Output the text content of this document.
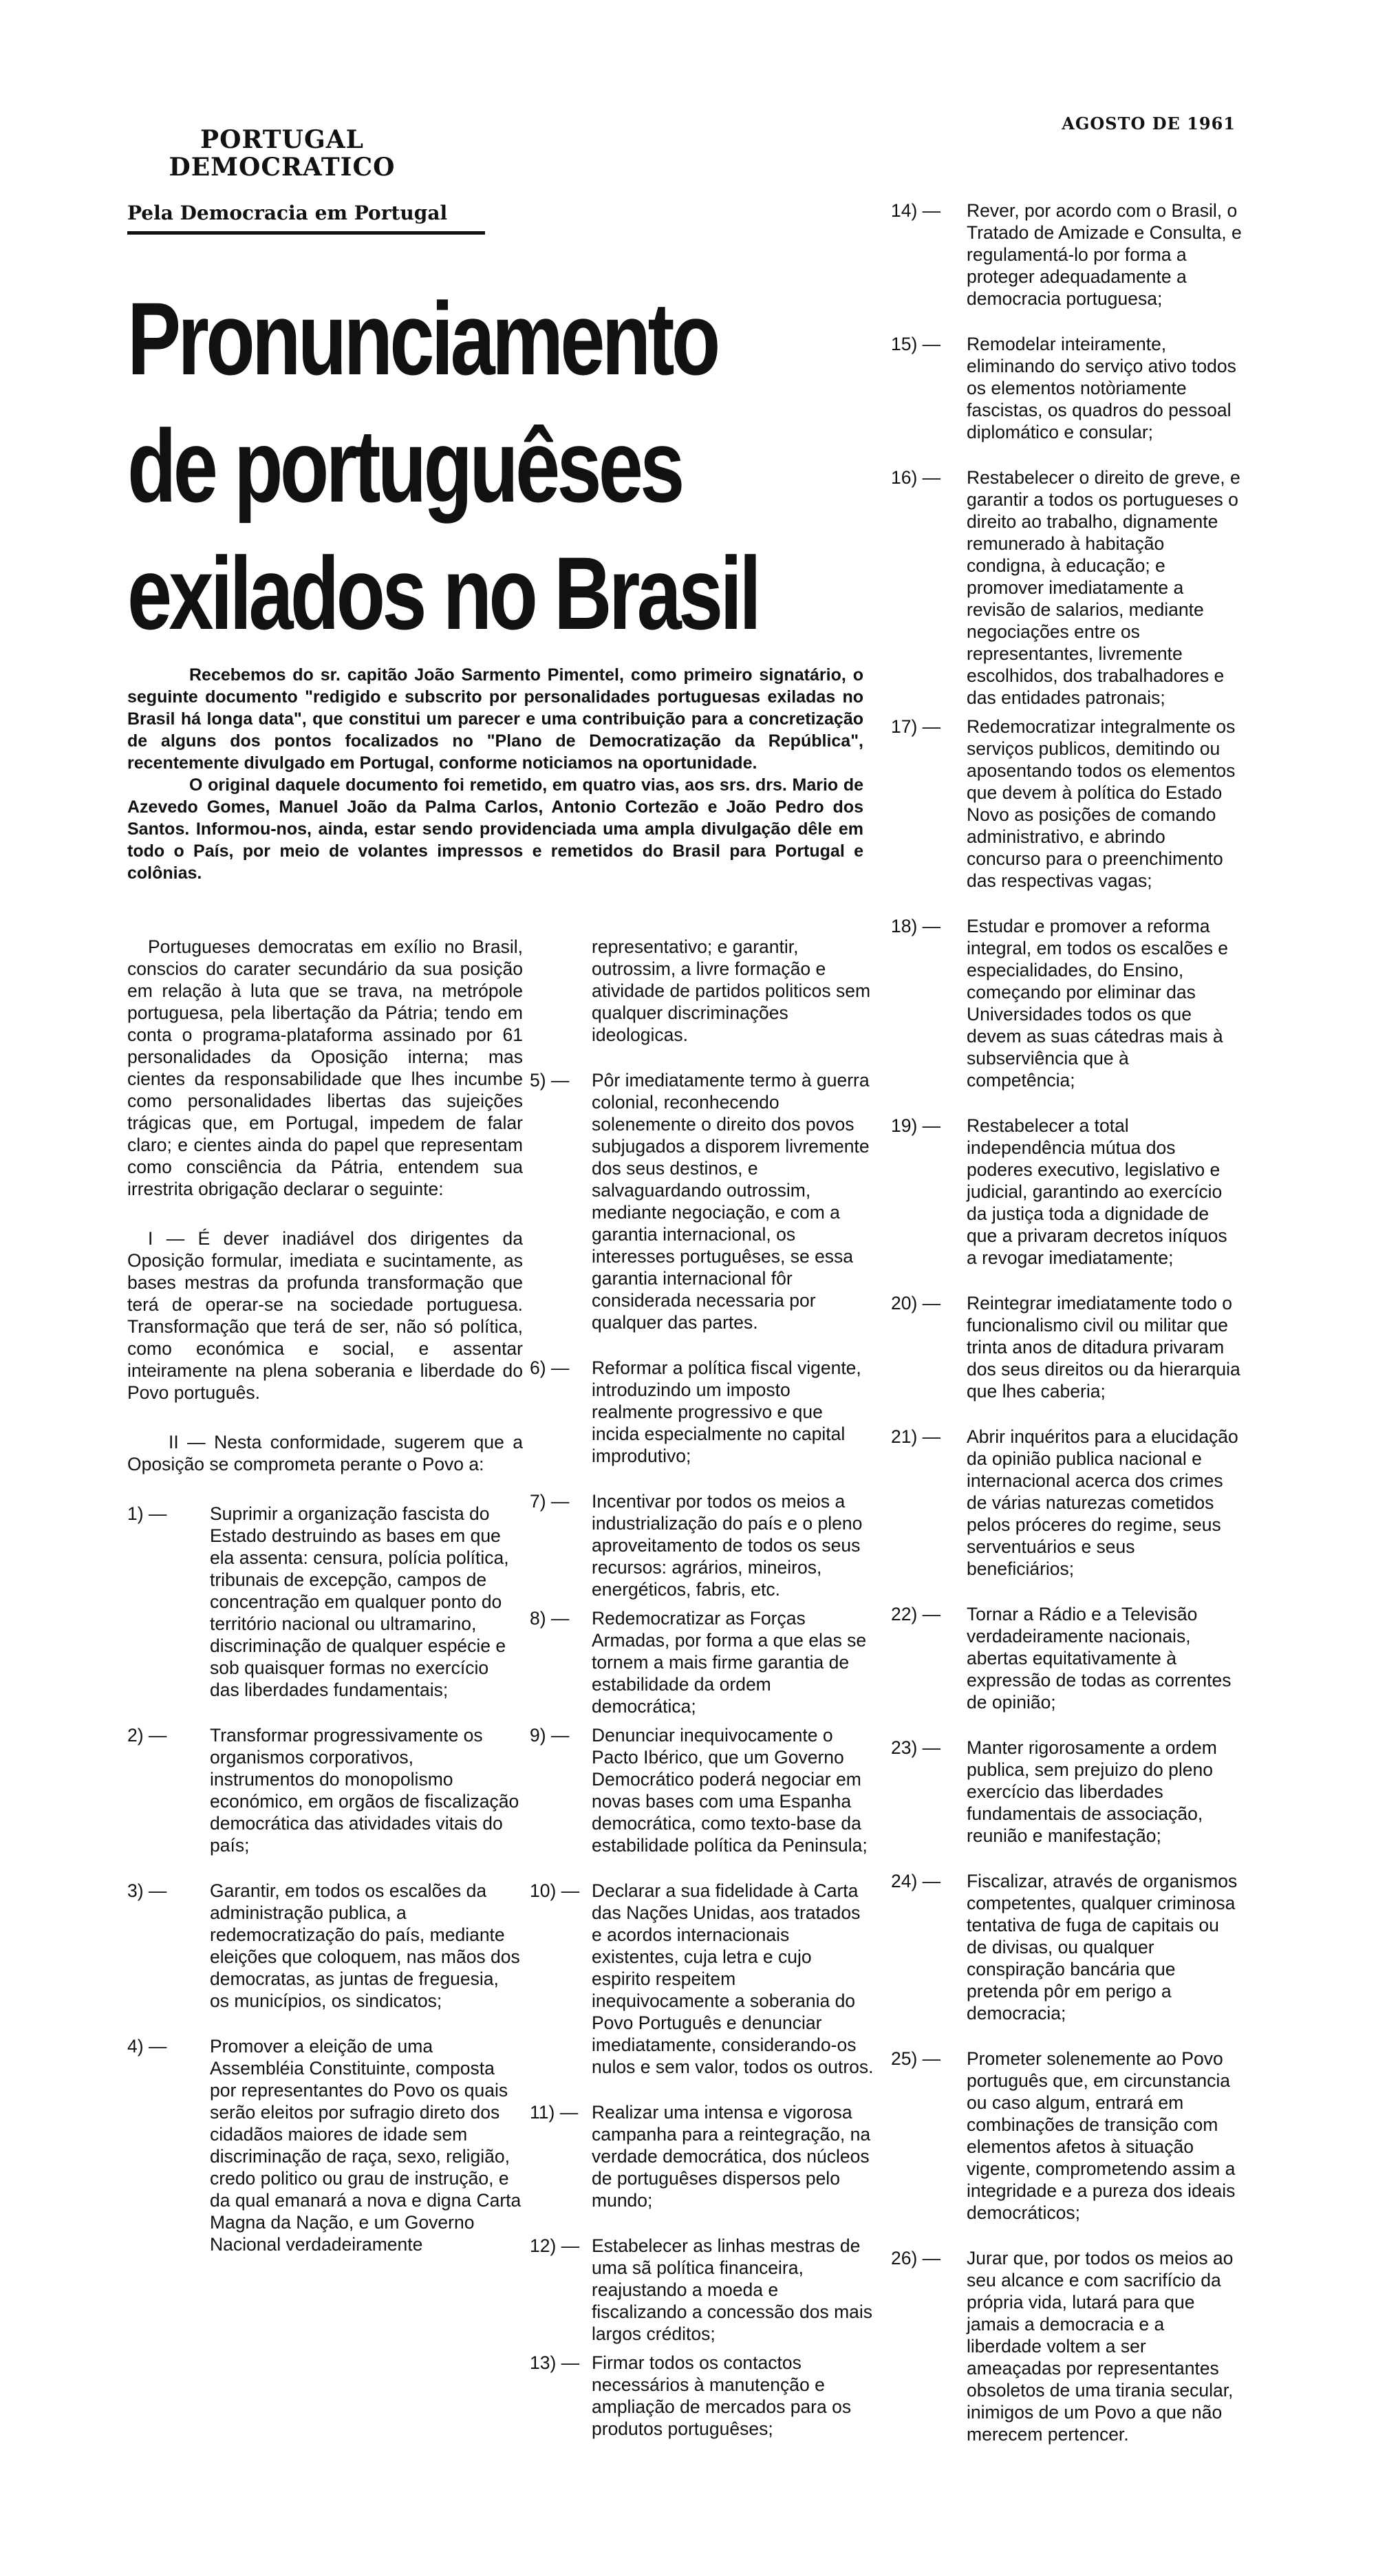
PORTUGAL DEMOCRATICO
AGOSTO DE 1961
Pela Democracia em Portugal
Pronunciamento
de portuguêses
exilados no Brasil

Recebemos do sr. capitão João Sarmento Pimentel, como primeiro signatário, o seguinte documento "redigido e subscrito por personalidades portuguesas exiladas no Brasil há longa data", que constitui um parecer e uma contribuição para a concretização de alguns dos pontos focalizados no "Plano de Democratização da República", recentemente divulgado em Portugal, conforme noticiamos na oportunidade.

O original daquele documento foi remetido, em quatro vias, aos srs. drs. Mario de Azevedo Gomes, Manuel João da Palma Carlos, Antonio Cortezão e João Pedro dos Santos. Informou-nos, ainda, estar sendo providenciada uma ampla divulgação dêle em todo o País, por meio de volantes impressos e remetidos do Brasil para Portugal e colônias.

Portugueses democratas em exílio no Brasil, conscios do carater secundário da sua posição em relação à luta que se trava, na metrópole portuguesa, pela libertação da Pátria; tendo em conta o programa-plataforma assinado por 61 personalidades da Oposição interna; mas cientes da responsabilidade que lhes incumbe como personalidades libertas das sujeições trágicas que, em Portugal, impedem de falar claro; e cientes ainda do papel que representam como consciência da Pátria, entendem sua irrestrita obrigação declarar o seguinte:

I — É dever inadiável dos dirigentes da Oposição formular, imediata e sucintamente, as bases mestras da profunda transformação que terá de operar-se na sociedade portuguesa. Transformação que terá de ser, não só política, como económica e social, e assentar inteiramente na plena soberania e liberdade do Povo português.

II — Nesta conformidade, sugerem que a Oposição se comprometa perante o Povo a:

1) —	Suprimir a organização fascista do Estado destruindo as bases em que ela assenta: censura, polícia política, tribunais de excepção, campos de concentração em qualquer ponto do território nacional ou ultramarino, discriminação de qualquer espécie e sob quaisquer formas no exercício das liberdades fundamentais;
2) —	Transformar progressivamente os organismos corporativos, instrumentos do monopolismo económico, em orgãos de fiscalização democrática das atividades vitais do país;
3) —	Garantir, em todos os escalões da administração publica, a redemocratização do país, mediante eleições que coloquem, nas mãos dos democratas, as juntas de freguesia, os municípios, os sindicatos;
4) —	Promover a eleição de uma Assembléia Constituinte, composta por representantes do Povo os quais serão eleitos por sufragio direto dos cidadãos maiores de idade sem discriminação de raça, sexo, religião, credo politico ou grau de instrução, e da qual emanará a nova e digna Carta Magna da Nação, e um Governo Nacional verdadeiramente

representativo; e garantir, outrossim, a livre formação e atividade de partidos politicos sem qualquer discriminações ideologicas.

5) —	Pôr imediatamente termo à guerra colonial, reconhecendo solenemente o direito dos povos subjugados a disporem livremente dos seus destinos, e salvaguardando outrossim, mediante negociação, e com a garantia internacional, os interesses portuguêses, se essa garantia internacional fôr considerada necessaria por qualquer das partes.
6) —	Reformar a política fiscal vigente, introduzindo um imposto realmente progressivo e que incida especialmente no capital improdutivo;
7) —	Incentivar por todos os meios a industrialização do país e o pleno aproveitamento de todos os seus recursos: agrários, mineiros, energéticos, fabris, etc.
8) —	Redemocratizar as Forças Armadas, por forma a que elas se tornem a mais firme garantia de estabilidade da ordem democrática;
9) —	Denunciar inequivocamente o Pacto Ibérico, que um Governo Democrático poderá negociar em novas bases com uma Espanha democrática, como texto-base da estabilidade política da Peninsula;
10) — Declarar a sua fidelidade à Carta das Nações Unidas, aos tratados e acordos internacionais existentes, cuja letra e cujo espirito respeitem inequivocamente a soberania do Povo Português e denunciar imediatamente, considerando-os nulos e sem valor, todos os outros.
11) — Realizar uma intensa e vigorosa campanha para a reintegração, na verdade democrática, dos núcleos de portuguêses dispersos pelo mundo;
12) — Estabelecer as linhas mestras de uma sã política financeira, reajustando a moeda e fiscalizando a concessão dos mais largos créditos;
13) — Firmar todos os contactos necessários à manutenção e ampliação de mercados para os produtos portuguêses;
14) —	Rever, por acordo com o Brasil, o Tratado de Amizade e Consulta, e regulamentá-lo por forma a proteger adequadamente a democracia portuguesa;
15) —	Remodelar inteiramente, eliminando do serviço ativo todos os elementos notòriamente fascistas, os quadros do pessoal diplomático e consular;
16) —	Restabelecer o direito de greve, e garantir a todos os portugueses o direito ao trabalho, dignamente remunerado à habitação condigna, à educação; e promover imediatamente a revisão de salarios, mediante negociações entre os representantes, livremente escolhidos, dos trabalhadores e das entidades patronais;
17) —	Redemocratizar integralmente os serviços publicos, demitindo ou aposentando todos os elementos que devem à política do Estado Novo as posições de comando administrativo, e abrindo concurso para o preenchimento das respectivas vagas;
18) —	Estudar e promover a reforma integral, em todos os escalões e especialidades, do Ensino, começando por eliminar das Universidades todos os que devem as suas cátedras mais à subserviência que à competência;
19) —	Restabelecer a total independência mútua dos poderes executivo, legislativo e judicial, garantindo ao exercício da justiça toda a dignidade de que a privaram decretos iníquos a revogar imediatamente;
20) —	Reintegrar imediatamente todo o funcionalismo civil ou militar que trinta anos de ditadura privaram dos seus direitos ou da hierarquia que lhes caberia;
21) —	Abrir inquéritos para a elucidação da opinião publica nacional e internacional acerca dos crimes de várias naturezas cometidos pelos próceres do regime, seus serventuários e seus beneficiários;
22) —	Tornar a Rádio e a Televisão verdadeiramente nacionais, abertas equitativamente à expressão de todas as correntes de opinião;
23) —	Manter rigorosamente a ordem publica, sem prejuizo do pleno exercício das liberdades fundamentais de associação, reunião e manifestação;
24) —	Fiscalizar, através de organismos competentes, qualquer criminosa tentativa de fuga de capitais ou de divisas, ou qualquer conspiração bancária que pretenda pôr em perigo a democracia;
25) —	Prometer solenemente ao Povo português que, em circunstancia ou caso algum, entrará em combinações de transição com elementos afetos à situação vigente, comprometendo assim a integridade e a pureza dos ideais democráticos;
26) —	Jurar que, por todos os meios ao seu alcance e com sacrifício da própria vida, lutará para que jamais a democracia e a liberdade voltem a ser ameaçadas por representantes obsoletos de uma tirania secular, inimigos de um Povo a que não merecem pertencer.
